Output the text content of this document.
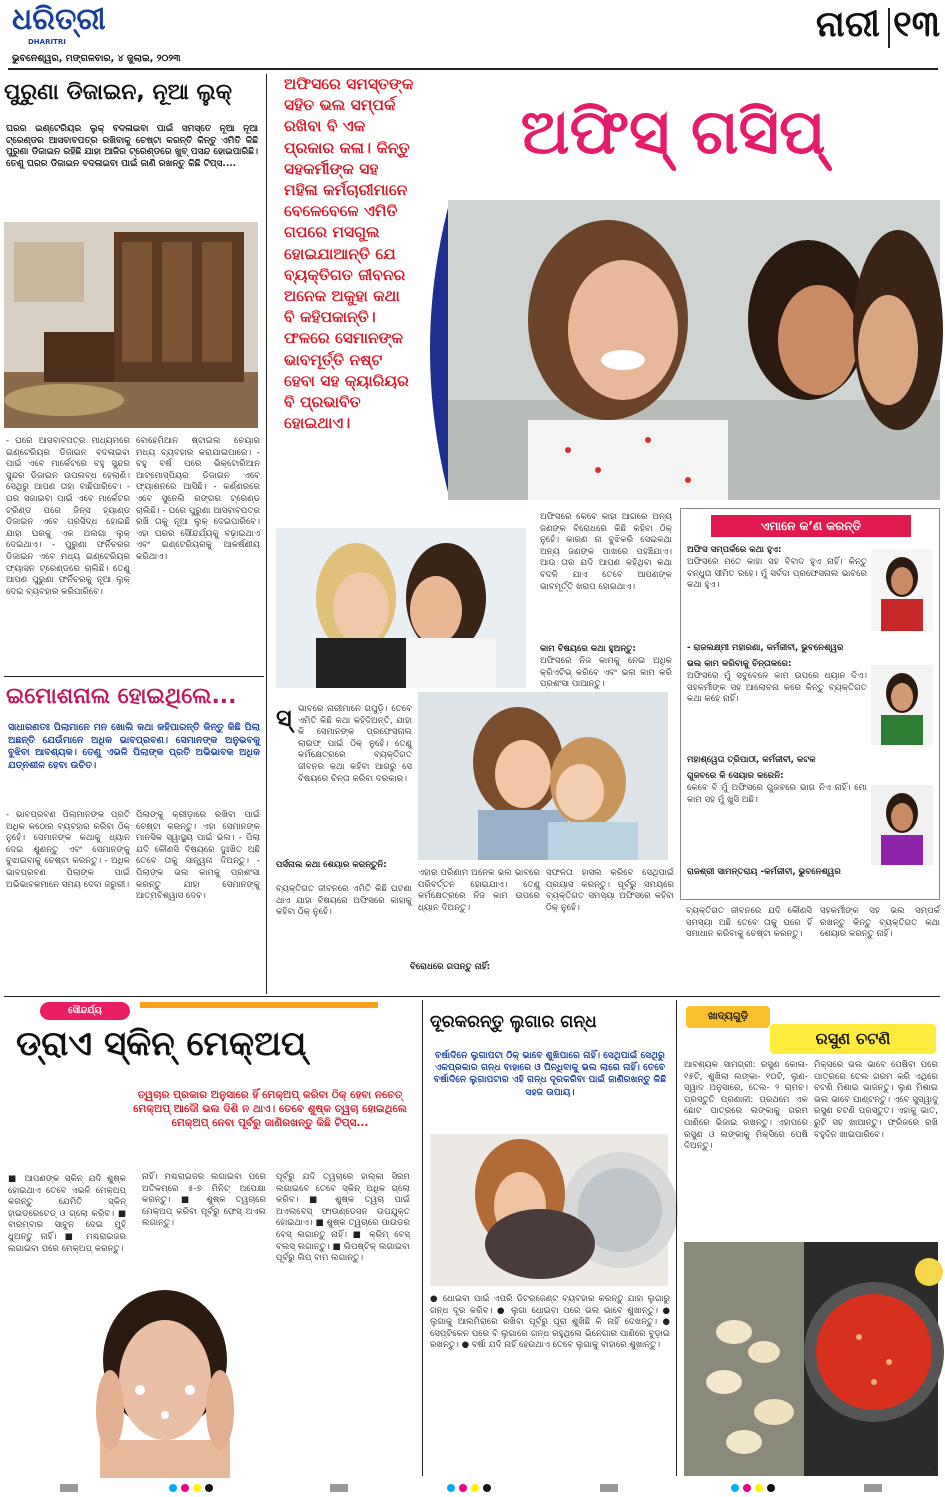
ଧରିତ୍ରୀ
DHARITRI
ଭୁବନେଶ୍ୱର, ମଙ୍ଗଳବାର, ୪ ଜୁଲାଇ, ୨୦୨୩
ନାରୀ ୧୩
ପୁରୁଣା ଡିଜାଇନ, ନୂଆ ଲୁକ୍
ଘରର ଇଣ୍ଟେରିୟର ଲୁକ୍ ବଦଳାଇବା ପାଇଁ ସମସ୍ତେ ନୂଆ ନୂଆ ଟ୍ରେଣ୍ଡର ଆସବାବପତ୍ର ରଖିବାକୁ ଚେଷ୍ଟା କରନ୍ତି କିନ୍ତୁ ଏମିତି କିଛି ପୁରୁଣା ଡିଜାଇନ ରହିଛି ଯାହା ଆଜିର ଟ୍ରେଣ୍ଡରେ ଖୁବ୍ ପସନ୍ଦ ହୋଇପାରିଛି। ତେଣୁ ଘରର ଡିଜାଇନ ବଦଳାଇବା ପାଇଁ ଜାଣି ରଖନ୍ତୁ କିଛି ଟିପ୍ସ....
- ଘରେ ଆସବାବପତ୍ର ମାଧ୍ୟମରେ ଇଣ୍ଟେରିୟର ଡିଜାଇନ ବଦଳାଇବା ପାଇଁ ଏବେ ମାର୍କେଟରେ ବହୁ ସୁନ୍ଦର ସୁନ୍ଦର ଡିଜାଇନ ଉପଲବ୍ଧ ହେଲାଣି। ସେଥିରୁ ଆପଣ ତାହା ବାଛିପାରିବେ। - ଘର ସଜାଇବା ପାଇଁ ଏବେ ମାର୍କେଟର ଟ୍ରିଣ୍ଡ ପରେ ଜିନ୍ସ ହ୍ୟାଣ୍ଡ ଡିଜାଇନ ଏବେ ପ୍ରସିଦ୍ଧ ହୋଇଛି ଯାହା ଘରକୁ ଏକ ଅଲଗା ଲୁକ୍ ଦେଇଥାଏ। - ପୁରୁଣା ଫର୍ନିଚରର ଡିଜାଇନ ଏବେ ମଧ୍ୟ ଇଣ୍ଟେରିୟର ଫ୍ୟାସନ ଟ୍ରେଣ୍ଡରେ ଚାଲିଛି। ତେଣୁ ଆପଣ ପୁରୁଣା ଫର୍ନିଚରକୁ ନୂଆ ଲୁକ୍ ଦେଇ ବ୍ୟବହାର କରିପାରିବେ।
ବୋହେମିଆନ ଷ୍ଟାଇଲ ଚେୟାର ମଧ୍ୟ ବ୍ୟବହାର କରାଯାଇପାରେ। - ବହୁ ବର୍ଷ ପରେ ଭିକ୍ଟୋରିଆନ ଆଟମୋସ୍ପିୟର ଡିଜାଇନ ଏବେ ଫ୍ୟାଶନରେ ଆସିଛି। - କର୍ଣ୍ଣରରେ ଏବେ ସୁନେଲି ରଙ୍ଗର ଟ୍ରେଣ୍ଡ ଚାଲିଛି। - ଘରେ ପୁରୁଣା ଆସବାବପତ୍ର ରଖି ତାକୁ ନୂଆ ଲୁକ୍ ଦେଇପାରିବେ। ଏହା ଘରର ସୌନ୍ଦର୍ଯ୍ୟକୁ ବଢ଼ାଇଥାଏ ଏବଂ ଇଣ୍ଟେରିୟରକୁ ଆକର୍ଷଣୀୟ କରିଥାଏ।
ଇମୋଶନାଲ ହୋଇଥିଲେ...
ସାଧାରଣତଃ ପିଲାମାନେ ମନ ଖୋଲି କଥା କହିପାରନ୍ତି କିନ୍ତୁ କିଛି ପିଲା ଅଛନ୍ତି ଯେଉଁମାନେ ଅଧିକ ଭାବପ୍ରବଣ। ସେମାନଙ୍କ ଅନୁଭବକୁ ବୁଝିବା ଆବଶ୍ୟକ। ତେଣୁ ଏଭଳି ପିଲାଙ୍କ ପ୍ରତି ଅଭିଭାବକ ଅଧିକ ଯତ୍ନଶୀଳ ହେବା ଉଚିତ।
- ଭାବପ୍ରବଣ ପିଲାମାନଙ୍କ ପ୍ରତି ଅଧିକ କଠୋର ବ୍ୟବହାର କରିବା ଠିକ୍ ନୁହେଁ। ସେମାନଙ୍କ କଥାକୁ ଧ୍ୟାନ ଦେଇ ଶୁଣନ୍ତୁ ଏବଂ ସେମାନଙ୍କୁ ବୁଝାଇବାକୁ ଚେଷ୍ଟା କରନ୍ତୁ। - ଅଧିକ ଭାବପ୍ରବଣ ପିଲାଙ୍କ ପାଇଁ ଅଭିଭାବକମାନେ ସମୟ ଦେବା ଜରୁରୀ।
ପିଲାଙ୍କୁ କ୍ରୀଡ଼ାରେ ରଖିବା ପାଇଁ ଚେଷ୍ଟା କରନ୍ତୁ। ଏହା ସେମାନଙ୍କ ମାନସିକ ସ୍ୱାସ୍ଥ୍ୟ ପାଇଁ ଭଲ। - ପିଲା ଯଦି କୌଣସି ବିଷୟରେ ଦୁଃଖିତ ଅଛି ତେବେ ତାକୁ ସାନ୍ତ୍ୱନା ଦିଅନ୍ତୁ। - ପିଲାଙ୍କ ଭଲ କାମକୁ ପ୍ରଶଂସା କରନ୍ତୁ ଯାହା ସେମାନଙ୍କୁ ଆତ୍ମବିଶ୍ୱାସ ଦେବ।
ଅଫିସରେ ସମସ୍ତଙ୍କ ସହିତ ଭଲ ସମ୍ପର୍କ ରଖିବା ବି ଏକ ପ୍ରକାର କଳା। କିନ୍ତୁ ସହକର୍ମୀଙ୍କ ସହ ମହିଳା କର୍ମଚାରୀମାନେ ବେଳେବେଳେ ଏମିତି ଗପରେ ମସଗୁଲ ହୋଇଯାଆନ୍ତି ଯେ ବ୍ୟକ୍ତିଗତ ଜୀବନର ଅନେକ ଅକୁହା କଥା ବି କହିପକାନ୍ତି। ଫଳରେ ସେମାନଙ୍କ ଭାବମୂର୍ତ୍ତି ନଷ୍ଟ ହେବା ସହ କ୍ୟାରିୟର ବି ପ୍ରଭାବିତ ହୋଇଥାଏ।
ଅଫିସ୍ ଗସିପ୍
ଅଫିସରେ କେବେ କାହା ଆଗରେ ଅନ୍ୟ ଜଣଙ୍କ ବିରୋଧରେ କିଛି କହିବା ଠିକ୍ ନୁହେଁ। କାରଣ ନା ବୁଝିକରି ସେଇକଥା ଅନ୍ୟ ଜଣଙ୍କ ପାଖରେ ପହଞ୍ଚିଯାଏ। ଆଉ ତାର ଯଦି ଆପଣ କହିଥିବା କଥା ବଦଳି ଯାଏ ତେବେ ଆପଣଙ୍କ ଭାବମୂର୍ତ୍ତି ଖରାପ ହୋଇଥାଏ।
କାମ ବିଷୟରେ କଥା ହୁଅନ୍ତୁ:
ଅଫିସରେ ନିଜ କାମକୁ ନେଇ ଅଧିକ କ୍ରିଏଟିଭ୍ କରିବେ ଏବଂ ଭଲ କାମ କରି ପ୍ରଶଂସା ପାଆନ୍ତୁ।
ସ୍ ଭାବରେ ନାରୀମାନେ ଗପୁଡ଼ି। ତେବେ ଏମିତି କିଛି କଥା କହିଦିଅନ୍ତି, ଯାହା କି ସେମାନଙ୍କ ପ୍ରଫେସନାଲ ଲାଇଫ୍ ପାଇଁ ଠିକ୍ ନୁହେଁ। ତେଣୁ କର୍ମକ୍ଷେତ୍ରରେ ବ୍ୟକ୍ତିଗତ ଜୀବନର କଥା କହିବା ଆଗରୁ ସେ ବିଷୟରେ ଚିନ୍ତା କରିବା ଦରକାର।
ପର୍ସନାଲ କଥା ଶେୟାର କରନ୍ତୁନି:
ବ୍ୟକ୍ତିଗତ ଜୀବନରେ ଏମିତି କିଛି ଘଟଣା ଥାଏ ଯାହା ବିଷୟରେ ଅଫିସରେ କାହାକୁ କହିବା ଠିକ୍ ନୁହେଁ।
ବିରୋଧରେ ଗପନ୍ତୁ ନାହିଁ:
ଏହାର ପରିଣାମ ଅନେକ ଭଲ ଭାବରେ ପରିବର୍ତ୍ତନ ହୋଇଯାଏ। ତେଣୁ କର୍ମକ୍ଷେତ୍ରରେ ନିଜ କାମ ଉପରେ ଧ୍ୟାନ ଦିଅନ୍ତୁ।
ସଫଳତା ହାସଲ କରିବେ ସେଥିପାଇଁ ପ୍ରୟାସ କରନ୍ତୁ। ପୂର୍ବରୁ ସମୟରେ ବ୍ୟକ୍ତିଗତ ସମସ୍ୟା ଅଫିସରେ କହିବା ଠିକ୍ ନୁହେଁ।	ବ୍ୟକ୍ତିଗତ ଜୀବନରେ ଯଦି କୌଣସି ସମସ୍ୟା ଅଛି ତେବେ ତାକୁ ଘରେ ହିଁ ସମାଧାନ କରିବାକୁ ଚେଷ୍ଟା କରନ୍ତୁ।
ସହକର୍ମୀଙ୍କ ସହ ଭଲ ସମ୍ପର୍କ ରଖନ୍ତୁ କିନ୍ତୁ ବ୍ୟକ୍ତିଗତ କଥା ଶେୟାର କରନ୍ତୁ ନାହିଁ।
ଏମାନେ କ’ଣ କରନ୍ତି
ଅଫିସ ସମ୍ପର୍କରେ କଥା ହୁଏ:
ଅଫିସରେ ମତେ କାହା ସହ ବିବାଦ ହୁଏ ନାହିଁ। କିନ୍ତୁ ବନ୍ଧୁତା ସୀମିତ ରହେ। ମୁଁ ସର୍ବଦା ପ୍ରଫେସନାଲ ଭାବରେ କଥା ହୁଏ।
- ରାଜଲକ୍ଷ୍ମୀ ମହାରଣା, କର୍ମଜୀବୀ, ଭୁବନେଶ୍ୱର
ଭଲ କାମ କରିବାକୁ ଚିନ୍ତାକରେ:
ଅଫିସରେ ମୁଁ ସବୁବେଳେ କାମ ଉପରେ ଧ୍ୟାନ ଦିଏ। ସହକର୍ମୀଙ୍କ ସହ ଆଲୋଚନା କରେ କିନ୍ତୁ ବ୍ୟକ୍ତିଗତ କଥା କହେ ନାହିଁ।
ମହାଶ୍ୱେତା ତ୍ରିପାଠୀ, କର୍ମଜୀବୀ, କଟକ
ଗୁଜବରେ କି ସେୟାର କରେନି:
କେବେ ବି ମୁଁ ଅଫିସରେ ଗୁଜବରେ ଭାଗ ନିଏ ନାହିଁ। ମୋ କାମ ସହ ମୁଁ ଖୁସି ଅଛି।
ରାଜଶ୍ରୀ ସାମନ୍ତରାୟ -କର୍ମଜୀବୀ, ଭୁବନେଶ୍ୱର
ସୌନ୍ଦର୍ଯ୍ୟ
ଡ୍ରାଏ ସ୍କିନ୍ ମେକ୍ଅପ୍
ତ୍ୱଚାର ପ୍ରକାର ଅନୁସାରେ ହିଁ ମେକ୍ଅପ୍ କରିବା ଠିକ୍ ହେବା ନଚେତ୍ ମେକ୍ଅପ୍ ଆଦୌ ଭଲ ଦିଶି ନ ଥାଏ। ତେବେ ଶୁଷ୍କ ତ୍ୱଚା ହୋଇଥିଲେ ମେକ୍ଅପ୍ ନେବା ପୂର୍ବରୁ ଜାଣିରଖନ୍ତୁ କିଛି ଟିପ୍ସ...
■ ଆପଣଙ୍କ ସ୍କିନ୍ ଯଦି ଶୁଷ୍କ ହୋଇଥାଏ ତେବେ ଏଭଳି ମେକ୍ଅପ୍ କରନ୍ତୁ ଯେମିତି ସ୍କିନ୍ ହାଇଡ୍ରେଟେଡ୍ ଓ ଗ୍ଲୋ କରିବ। ■ ବାରମ୍ବାର ସାବୁନ ଦେଇ ମୁହଁ ଧୁଅନ୍ତୁ ନାହିଁ। ■ ମଶ୍ଚରାଇଜର ଲଗାଇବା ପରେ ମେକ୍ଅପ୍ କରନ୍ତୁ।
ନାହିଁ। ମଶ୍ଚରାଇଜର ଲଗାଇବା ପରେ ଅତିକମ୍‌ରେ ୫-୭ ମିନିଟ୍ ଅପେକ୍ଷା କରନ୍ତୁ। ■ ଶୁଷ୍କ ତ୍ୱଚାରେ ମେକ୍ଅପ୍ କରିବା ପୂର୍ବରୁ ଫେସ୍ ଅଏଲ ଲଗାନ୍ତୁ।
ପୂର୍ବରୁ ଯଦି ତ୍ୱଚାରେ ହାଲ୍କା ସିରମ ଲଗାଇବେ ତେବେ ସ୍କିନ୍ ଅଧିକ ଗ୍ଲୋ କରିବ। ■ ଶୁଷ୍କ ତ୍ୱଚା ପାଇଁ ଅଏଲବେସ୍ ଫାଉଣ୍ଡେସନ ଉପଯୁକ୍ତ ହୋଇଥାଏ। ■ ଶୁଷ୍କ ତ୍ୱଚାରେ ପାଉଡର ବେସ୍ ଲଗାନ୍ତୁ ନାହିଁ। ■ କ୍ରିମ୍ ବେସ୍ ବ୍ଲସ୍ ଲଗାନ୍ତୁ। ■ ଲିପଷ୍ଟିକ୍ ଲଗାଇବା ପୂର୍ବରୁ ଲିପ୍ ବାମ ଲଗାନ୍ତୁ।
ଦୂରକରନ୍ତୁ ଲୁଗାର ଗନ୍ଧ
ବର୍ଷାଦିନେ ଲୁଗାପଟା ଠିକ୍ ଭାବେ ଶୁଖିପାରେ ନାହିଁ। ସେଥିପାଇଁ ସେଥିରୁ ଏକପ୍ରକାର ଗନ୍ଧ ବାହାରେ ଓ ପିନ୍ଧିବାକୁ ଭଲ ଲାଗେ ନାହିଁ। ତେବେ ବର୍ଷାଦିନେ ଲୁଗାପଟାର ଏହି ଗନ୍ଧ ଦୂରକରିବା ପାଇଁ ଜାଣିରଖନ୍ତୁ କିଛି ସହଜ ଉପାୟ।
● ଧୋଇବା ପାଇଁ ଏପରି ଡିଟରଜେଣ୍ଟ ବ୍ୟବହାର କରନ୍ତୁ ଯାହା ଲୁଗାରୁ ଗନ୍ଧ ଦୂର କରିବ। ● ଲୁଗା ଧୋଇବା ପରେ ଭଲ ଭାବେ ଶୁଖାନ୍ତୁ। ● ଲୁଗାକୁ ଆଲମିରାରେ ରଖିବା ପୂର୍ବରୁ ପୂରା ଶୁଖିଛି କି ନାହିଁ ଦେଖନ୍ତୁ। ● ସେପ୍ଟିକେନ ପରେ ବି ଲୁଗାରେ ଗନ୍ଧ ରହୁଥିଲେ ଭିନେଗାର ପାଣିରେ ବୁଡ଼ାଇ ରଖନ୍ତୁ। ● ବର୍ଷା ଯଦି ନାହିଁ ହେଉଥାଏ ତେବେ ଲୁଗାକୁ ବାହାରେ ଶୁଖାନ୍ତୁ।
ଖାଦ୍ୟଗୁଡ଼ି
ରସୁଣ ଚଟଣି
ଆବଶ୍ୟକ ସାମଗ୍ରୀ: ରସୁଣ କୋଳା- ୧୫ଟି, ଶୁଖିଲା ଲଙ୍କା- ୧୦ଟି, ଲୁଣ- ସ୍ୱାଦ ଅନୁସାରେ, ତେଲ- ୨ ଚାମଚ। ପ୍ରସ୍ତୁତି ପ୍ରଣାଳୀ: ପ୍ରଥମେ ଏକ ଛୋଟ ପାତ୍ରରେ ଲଙ୍କାକୁ ଗରମ ପାଣିରେ ଭିଜାଇ ରଖନ୍ତୁ। ଏହାପରେ ରସୁଣ ଓ ଲଙ୍କାକୁ ମିକ୍ସିରେ ପେଷି ଦିଅନ୍ତୁ।
ମିକ୍ସରେ ଭଲ ଭାବେ ପେଷିବା ପରେ ପାତ୍ରରେ ତେଲ ଗରମ କରି ଏଥିରେ ଚଟଣି ମିଶାଇ ଭାଜନ୍ତୁ। ଲୁଣ ମିଶାଇ ଭଲ ଭାବେ ଘାଣ୍ଟନ୍ତୁ। ଏବେ ସୁସ୍ୱାଦୁ ରସୁଣ ଚଟଣି ପ୍ରସ୍ତୁତ। ଏହାକୁ ଭାତ, ରୁଟି ସହ ଖାଆନ୍ତୁ। ଫ୍ରିଜରେ ରଖି ବହୁଦିନ ଖାଇପାରିବେ।
5
